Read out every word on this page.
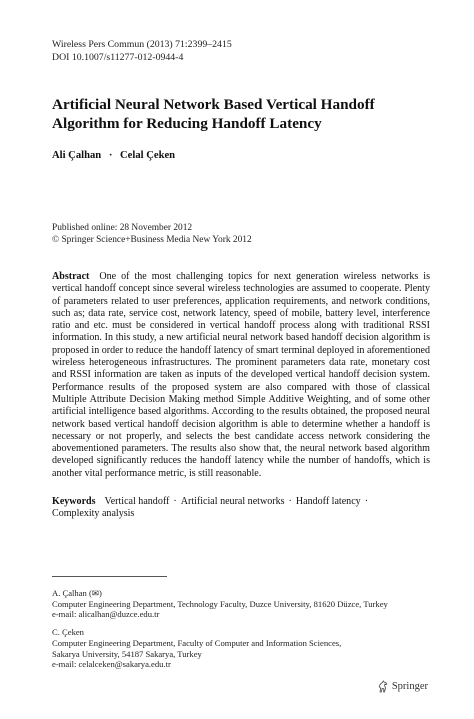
Wireless Pers Commun (2013) 71:2399–2415
DOI 10.1007/s11277-012-0944-4
Artificial Neural Network Based Vertical Handoff
Algorithm for Reducing Handoff Latency
Ali Çalhan · Celal Çeken
Published online: 28 November 2012
© Springer Science+Business Media New York 2012
Abstract One of the most challenging topics for next generation wireless networks is vertical handoff concept since several wireless technologies are assumed to cooperate. Plenty of parameters related to user preferences, application requirements, and network conditions, such as; data rate, service cost, network latency, speed of mobile, battery level, interference ratio and etc. must be considered in vertical handoff process along with traditional RSSI information. In this study, a new artificial neural network based handoff decision algorithm is proposed in order to reduce the handoff latency of smart terminal deployed in aforementioned wireless heterogeneous infrastructures. The prominent parameters data rate, monetary cost and RSSI information are taken as inputs of the developed vertical handoff decision system. Performance results of the proposed system are also compared with those of classical Multiple Attribute Decision Making method Simple Additive Weighting, and of some other artificial intelligence based algorithms. According to the results obtained, the proposed neural network based vertical handoff decision algorithm is able to determine whether a handoff is necessary or not properly, and selects the best candidate access network considering the abovementioned parameters. The results also show that, the neural network based algorithm developed significantly reduces the handoff latency while the number of handoffs, which is another vital performance metric, is still reasonable.
Keywords Vertical handoff · Artificial neural networks · Handoff latency ·
Complexity analysis
A. Çalhan (✉)
Computer Engineering Department, Technology Faculty, Duzce University, 81620 Düzce, Turkey
e-mail: alicalhan@duzce.edu.tr
C. Çeken
Computer Engineering Department, Faculty of Computer and Information Sciences,
Sakarya University, 54187 Sakarya, Turkey
e-mail: celalceken@sakarya.edu.tr
Springer
